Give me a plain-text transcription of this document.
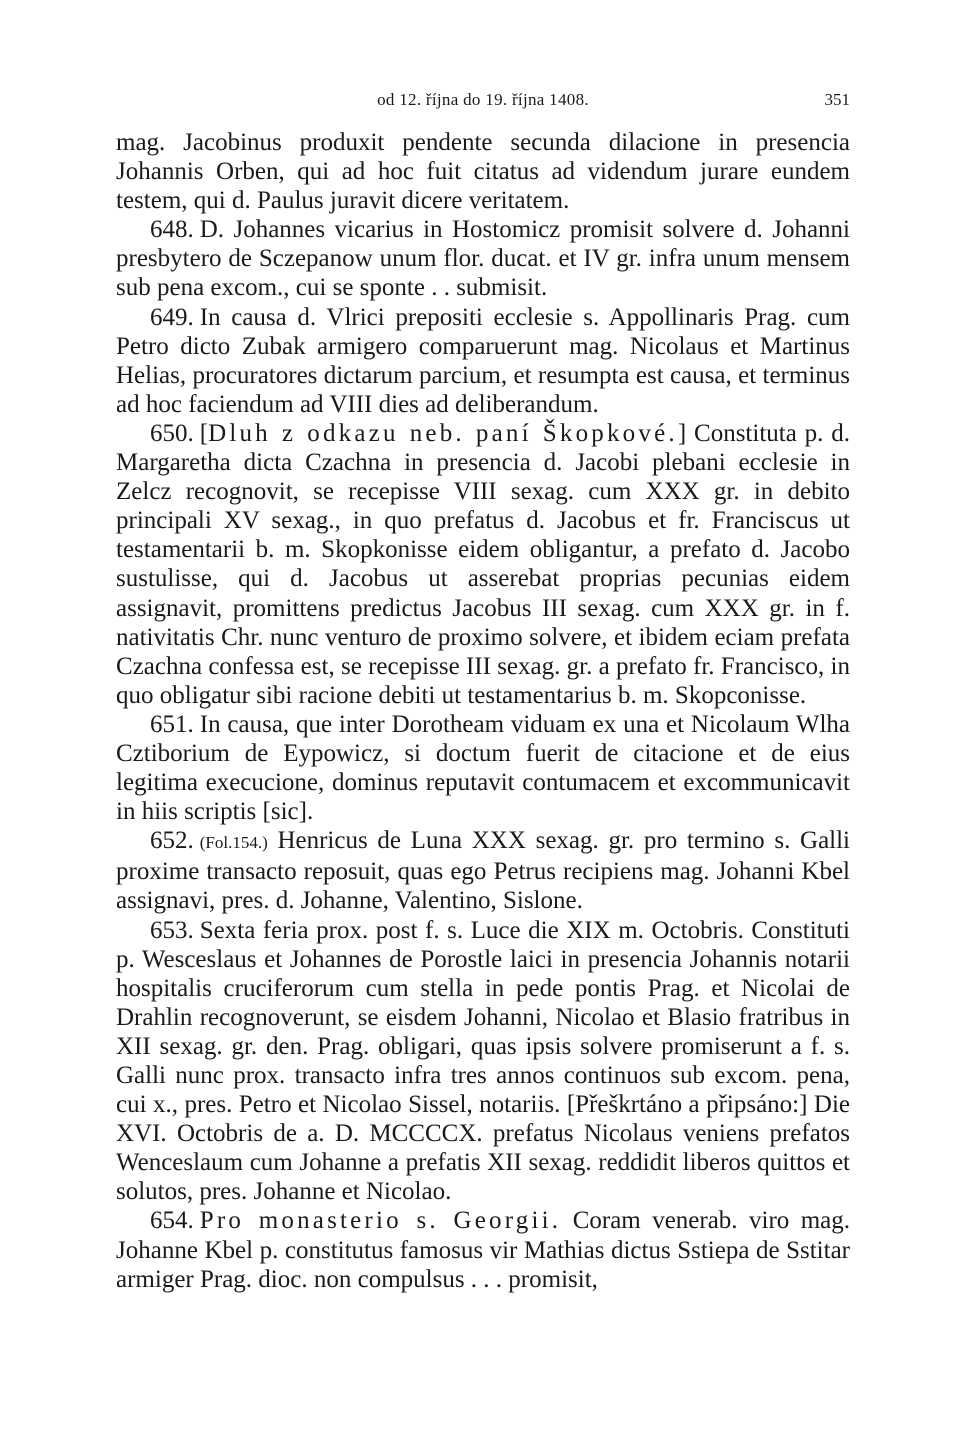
od 12. října do 19. října 1408.	351

mag. Jacobinus produxit pendente secunda dilacione in presencia Johannis Orben, qui ad hoc fuit citatus ad videndum jurare eundem testem, qui d. Paulus juravit dicere veritatem.

648. D. Johannes vicarius in Hostomicz promisit solvere d. Johanni presbytero de Sczepanow unum flor. ducat. et IV gr. infra unum mensem sub pena excom., cui se sponte . . submisit.

649. In causa d. Vlrici prepositi ecclesie s. Appollinaris Prag. cum Petro dicto Zubak armigero comparuerunt mag. Nicolaus et Martinus Helias, procuratores dictarum parcium, et resumpta est causa, et terminus ad hoc faciendum ad VIII dies ad deliberandum.

650. [Dluh z odkazu neb. paní Škopkové.] Constituta p. d. Margaretha dicta Czachna in presencia d. Jacobi plebani ecclesie in Zelcz recognovit, se recepisse VIII sexag. cum XXX gr. in debito principali XV sexag., in quo prefatus d. Jacobus et fr. Franciscus ut testamentarii b. m. Skopkonisse eidem obligantur, a prefato d. Jacobo sustulisse, qui d. Jacobus ut asserebat proprias pecunias eidem assignavit, promittens predictus Jacobus III sexag. cum XXX gr. in f. nativitatis Chr. nunc venturo de proximo solvere, et ibidem eciam prefata Czachna confessa est, se recepisse III sexag. gr. a prefato fr. Francisco, in quo obligatur sibi racione debiti ut testamentarius b. m. Skopconisse.

651. In causa, que inter Dorotheam viduam ex una et Nicolaum Wlha Cztiborium de Eypowicz, si doctum fuerit de citacione et de eius legitima execucione, dominus reputavit contumacem et excommunicavit in hiis scriptis [sic].

652. (Fol.154.) Henricus de Luna XXX sexag. gr. pro termino s. Galli proxime transacto reposuit, quas ego Petrus recipiens mag. Johanni Kbel assignavi, pres. d. Johanne, Valentino, Sislone.

653. Sexta feria prox. post f. s. Luce die XIX m. Octobris. Constituti p. Wesceslaus et Johannes de Porostle laici in presencia Johannis notarii hospitalis cruciferorum cum stella in pede pontis Prag. et Nicolai de Drahlin recognoverunt, se eisdem Johanni, Nicolao et Blasio fratribus in XII sexag. gr. den. Prag. obligari, quas ipsis solvere promiserunt a f. s. Galli nunc prox. transacto infra tres annos continuos sub excom. pena, cui x., pres. Petro et Nicolao Sissel, notariis. [Přeškrtáno a připsáno:] Die XVI. Octobris de a. D. MCCCCX. prefatus Nicolaus veniens prefatos Wenceslaum cum Johanne a prefatis XII sexag. reddidit liberos quittos et solutos, pres. Johanne et Nicolao.

654. Pro monasterio s. Georgii. Coram venerab. viro mag. Johanne Kbel p. constitutus famosus vir Mathias dictus Sstiepa de Sstitar armiger Prag. dioc. non compulsus . . . promisit,
